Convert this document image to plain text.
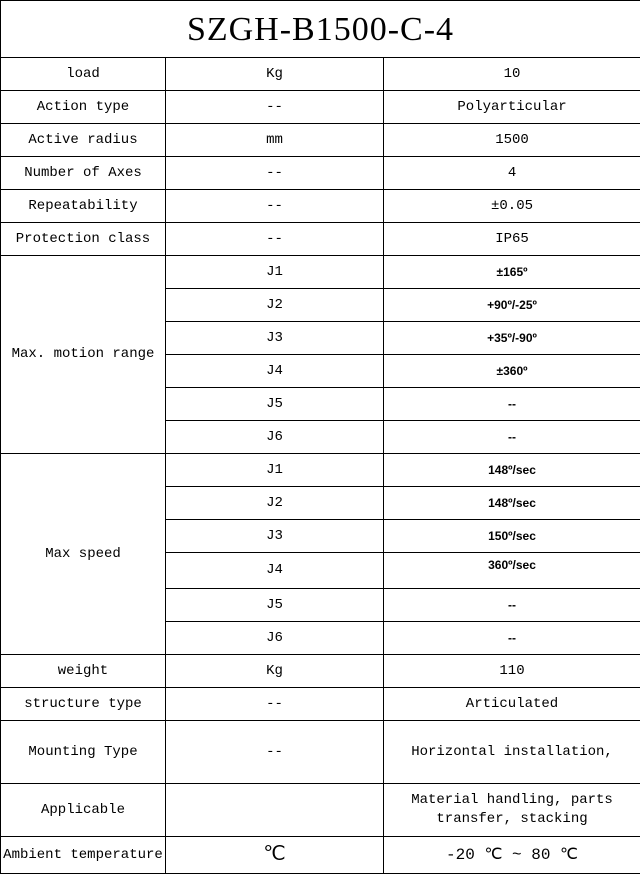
SZGH-B1500-C-4		
load	Kg	10
Action type	--	Polyarticular
Active radius	mm	1500
Number of Axes	--	4
Repeatability	--	±0.05
Protection class	--	IP65
Max. motion range	J1	±165º
	J2	+90º/-25º
	J3	+35º/-90º
	J4	±360º
	J5	--
	J6	--
Max speed	J1	148º/sec
	J2	148º/sec
	J3	150º/sec
	J4	360º/sec
	J5	--
	J6	--
weight	Kg	110
structure type	--	Articulated
Mounting Type	--	Horizontal installation,
Applicable		Material handling, parts transfer, stacking
Ambient temperature	℃	-20 ℃ ~ 80 ℃
